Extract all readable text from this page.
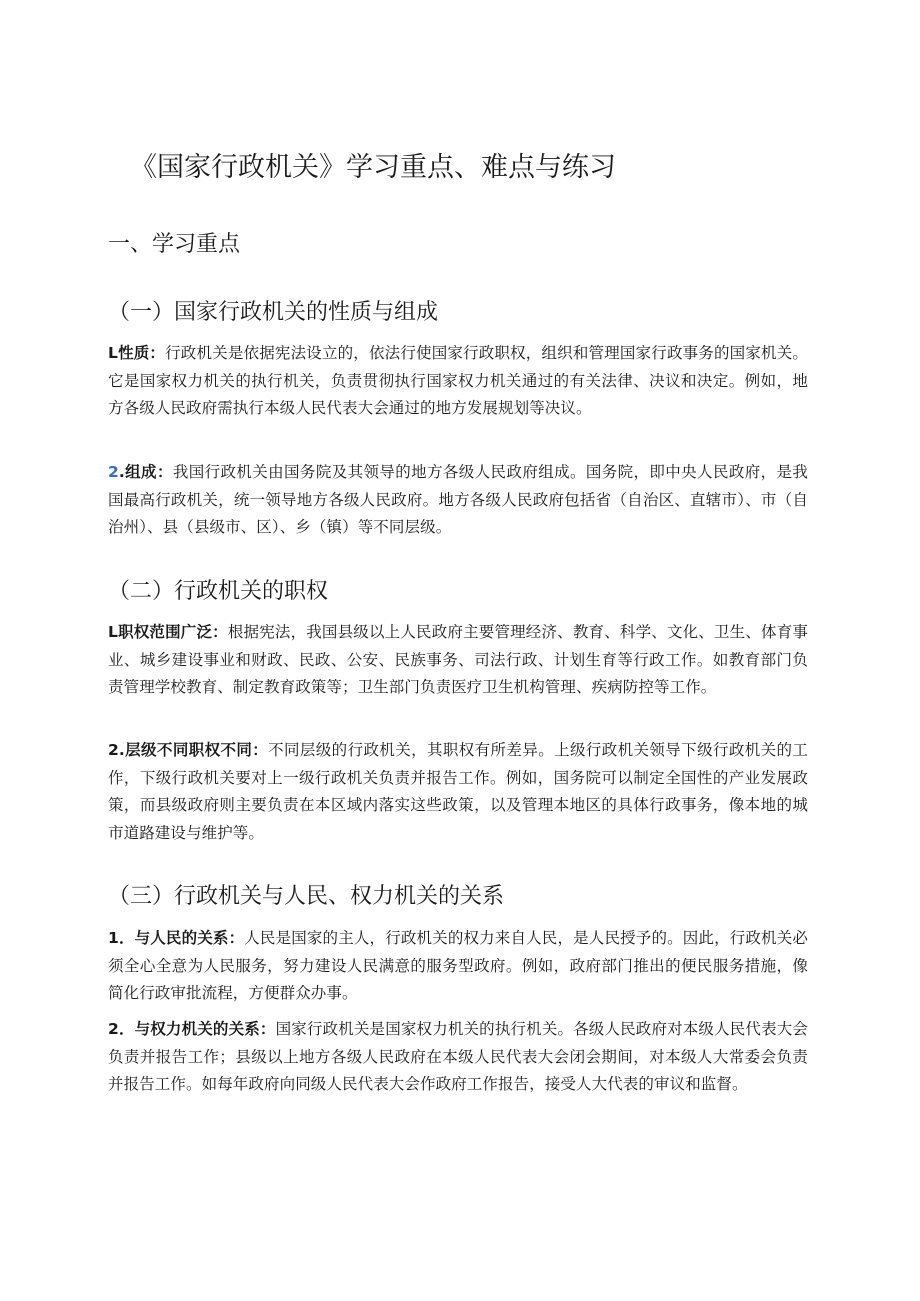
《国家行政机关》学习重点、难点与练习
一、学习重点
（一）国家行政机关的性质与组成

L性质：行政机关是依据宪法设立的，依法行使国家行政职权，组织和管理国家行政事务的国家机关。它是国家权力机关的执行机关，负责贯彻执行国家权力机关通过的有关法律、决议和决定。例如，地方各级人民政府需执行本级人民代表大会通过的地方发展规划等决议。

2.组成：我国行政机关由国务院及其领导的地方各级人民政府组成。国务院，即中央人民政府，是我国最高行政机关，统一领导地方各级人民政府。地方各级人民政府包括省（自治区、直辖市）、市（自治州）、县（县级市、区）、乡（镇）等不同层级。

（二）行政机关的职权

L职权范围广泛：根据宪法，我国县级以上人民政府主要管理经济、教育、科学、文化、卫生、体育事业、城乡建设事业和财政、民政、公安、民族事务、司法行政、计划生育等行政工作。如教育部门负责管理学校教育、制定教育政策等；卫生部门负责医疗卫生机构管理、疾病防控等工作。

2.层级不同职权不同：不同层级的行政机关，其职权有所差异。上级行政机关领导下级行政机关的工作，下级行政机关要对上一级行政机关负责并报告工作。例如，国务院可以制定全国性的产业发展政策，而县级政府则主要负责在本区域内落实这些政策，以及管理本地区的具体行政事务，像本地的城市道路建设与维护等。

（三）行政机关与人民、权力机关的关系

1．与人民的关系：人民是国家的主人，行政机关的权力来自人民，是人民授予的。因此，行政机关必须全心全意为人民服务，努力建设人民满意的服务型政府。例如，政府部门推出的便民服务措施，像简化行政审批流程，方便群众办事。

2．与权力机关的关系：国家行政机关是国家权力机关的执行机关。各级人民政府对本级人民代表大会负责并报告工作；县级以上地方各级人民政府在本级人民代表大会闭会期间，对本级人大常委会负责并报告工作。如每年政府向同级人民代表大会作政府工作报告，接受人大代表的审议和监督。
